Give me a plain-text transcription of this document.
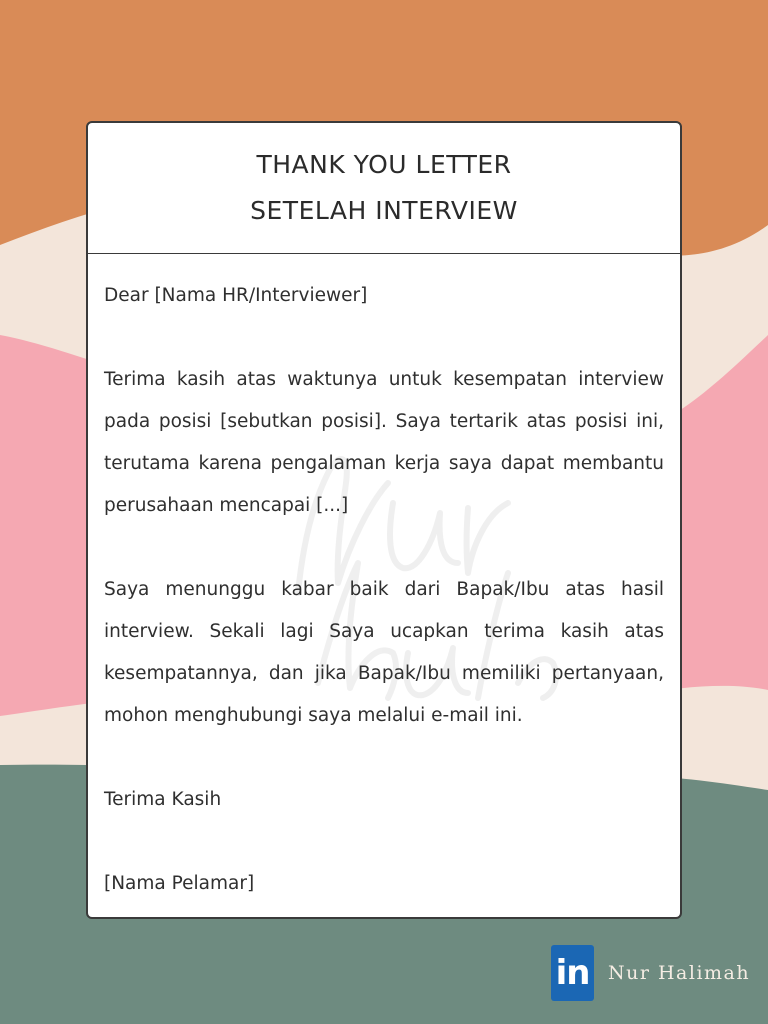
THANK YOU LETTER
SETELAH INTERVIEW

Dear [Nama HR/Interviewer]

Terima kasih atas waktunya untuk kesempatan interview pada posisi [sebutkan posisi]. Saya tertarik atas posisi ini, terutama karena pengalaman kerja saya dapat membantu perusahaan mencapai [...]

Saya menunggu kabar baik dari Bapak/Ibu atas hasil interview. Sekali lagi Saya ucapkan terima kasih atas kesempatannya, dan jika Bapak/Ibu memiliki pertanyaan, mohon menghubungi saya melalui e-mail ini.

Terima Kasih

[Nama Pelamar]

in Nur Halimah
